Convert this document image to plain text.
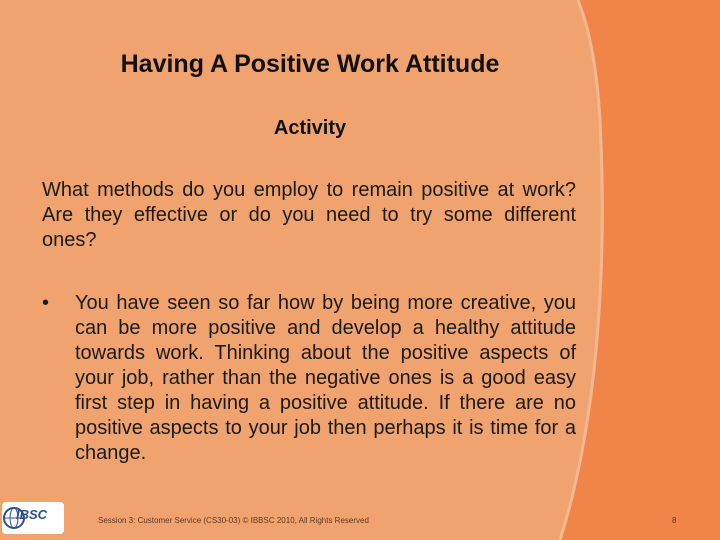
Having A Positive Work Attitude
Activity
What methods do you employ to remain positive at work? Are they effective or do you need to try some different ones?
• You have seen so far how by being more creative, you can be more positive and develop a healthy attitude towards work. Thinking about the positive aspects of your job, rather than the negative ones is a good easy first step in having a positive attitude. If there are no positive aspects to your job then perhaps it is time for a change.
IBSC	Session 3: Customer Service (CS30-03) © IBBSC 2010, All Rights Reserved	8
